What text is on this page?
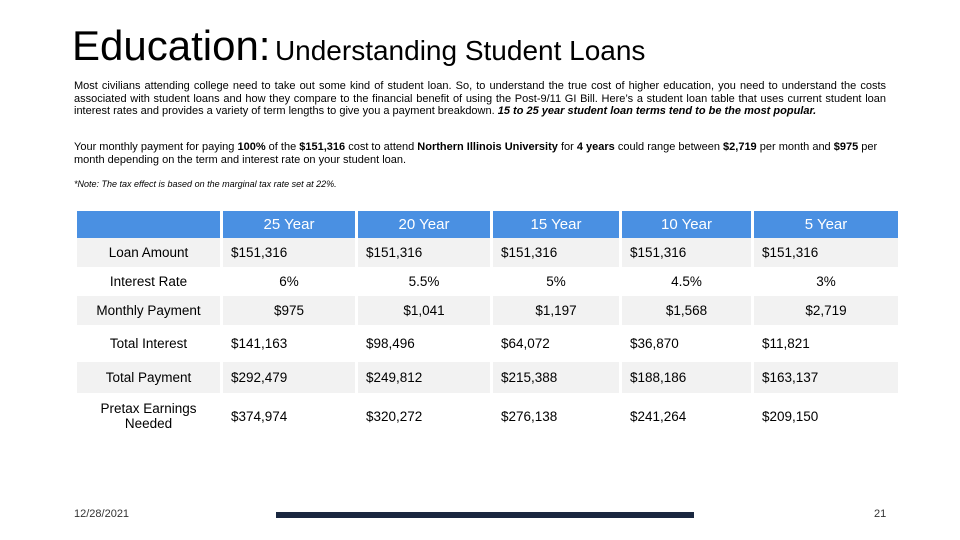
Education: Understanding Student Loans
Most civilians attending college need to take out some kind of student loan. So, to understand the true cost of higher education, you need to understand the costs associated with student loans and how they compare to the financial benefit of using the Post-9/11 GI Bill. Here’s a student loan table that uses current student loan interest rates and provides a variety of term lengths to give you a payment breakdown. 15 to 25 year student loan terms tend to be the most popular.
Your monthly payment for paying 100% of the $151,316 cost to attend Northern Illinois University for 4 years could range between $2,719 per month and $975 per month depending on the term and interest rate on your student loan.
*Note: The tax effect is based on the marginal tax rate set at 22%.
	25 Year	20 Year	15 Year	10 Year	5 Year
Loan Amount	$151,316	$151,316	$151,316	$151,316	$151,316
Interest Rate	6%	5.5%	5%	4.5%	3%
Monthly Payment	$975	$1,041	$1,197	$1,568	$2,719
Total Interest	$141,163	$98,496	$64,072	$36,870	$11,821
Total Payment	$292,479	$249,812	$215,388	$188,186	$163,137
Pretax Earnings Needed	$374,974	$320,272	$276,138	$241,264	$209,150
12/28/2021	21
